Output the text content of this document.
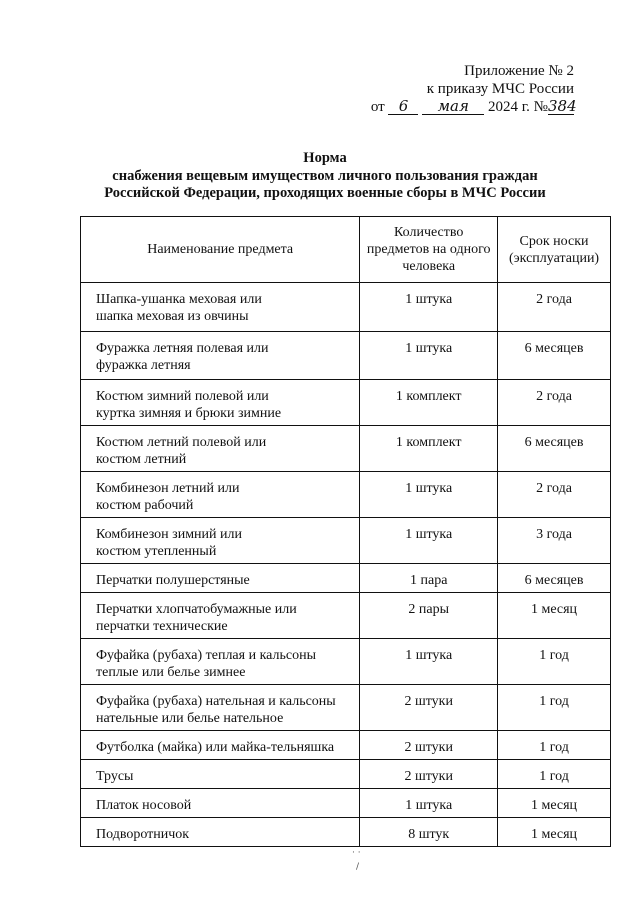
Приложение № 2
к приказу МЧС России
от 6 мая 2024 г. №384
Норма
снабжения вещевым имуществом личного пользования граждан
Российской Федерации, проходящих военные сборы в МЧС России
Наименование предмета	Количество предметов на одного человека	Срок носки (эксплуатации)
Шапка-ушанка меховая или
шапка меховая из овчины	1 штука	2 года
Фуражка летняя полевая или
фуражка летняя	1 штука	6 месяцев
Костюм зимний полевой или
куртка зимняя и брюки зимние	1 комплект	2 года
Костюм летний полевой или
костюм летний	1 комплект	6 месяцев
Комбинезон летний или
костюм рабочий	1 штука	2 года
Комбинезон зимний или
костюм утепленный	1 штука	3 года
Перчатки полушерстяные	1 пара	6 месяцев
Перчатки хлопчатобумажные или
перчатки технические	2 пары	1 месяц
Фуфайка (рубаха) теплая и кальсоны
теплые или белье зимнее	1 штука	1 год
Фуфайка (рубаха) нательная и кальсоны
нательные или белье нательное	2 штуки	1 год
Футболка (майка) или майка-тельняшка	2 штуки	1 год
Трусы	2 штуки	1 год
Платок носовой	1 штука	1 месяц
Подворотничок	8 штук	1 месяц
· ·
/
